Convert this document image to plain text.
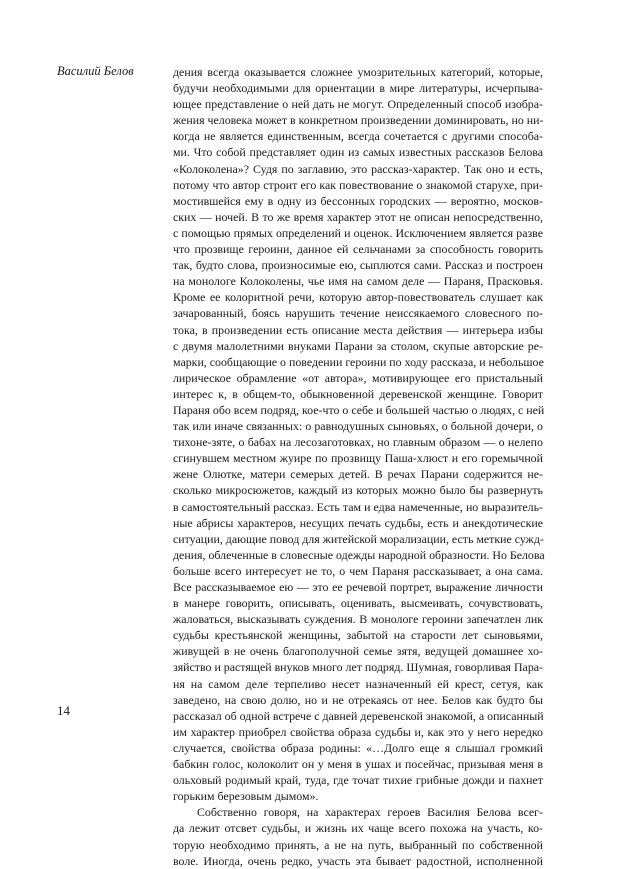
Василий Белов	дения всегда оказывается сложнее умозрительных категорий, которые,
будучи необходимыми для ориентации в мире литературы, исчерпыва-
ющее представление о ней дать не могут. Определенный способ изобра-
жения человека может в конкретном произведении доминировать, но ни-
когда не является единственным, всегда сочетается с другими способа-
ми. Что собой представляет один из самых известных рассказов Белова
«Колоколена»? Судя по заглавию, это рассказ-характер. Так оно и есть,
потому что автор строит его как повествование о знакомой старухе, при-
мостившейся ему в одну из бессонных городских — вероятно, москов-
ских — ночей. В то же время характер этот не описан непосредственно,
с помощью прямых определений и оценок. Исключением является разве
что прозвище героини, данное ей сельчанами за способность говорить
так, будто слова, произносимые ею, сыплются сами. Рассказ и построен
на монологе Колоколены, чье имя на самом деле — Параня, Прасковья.
Кроме ее колоритной речи, которую автор-повествователь слушает как
зачарованный, боясь нарушить течение неиссякаемого словесного по-
тока, в произведении есть описание места действия — интерьера избы
с двумя малолетними внуками Парани за столом, скупые авторские ре-
марки, сообщающие о поведении героини по ходу рассказа, и небольшое
лирическое обрамление «от автора», мотивирующее его пристальный
интерес к, в общем-то, обыкновенной деревенской женщине. Говорит
Параня обо всем подряд, кое-что о себе и большей частью о людях, с ней
так или иначе связанных: о равнодушных сыновьях, о больной дочери, о
тихоне-зяте, о бабах на лесозаготовках, но главным образом — о нелепо
сгинувшем местном жуире по прозвищу Паша-хлюст и его горемычной
жене Олютке, матери семерых детей. В речах Парани содержится не-
сколько микросюжетов, каждый из которых можно было бы развернуть
в самостоятельный рассказ. Есть там и едва намеченные, но выразитель-
ные абрисы характеров, несущих печать судьбы, есть и анекдотические
ситуации, дающие повод для житейской морализации, есть меткие сужд-
дения, облеченные в словесные одежды народной образности. Но Белова
больше всего интересует не то, о чем Параня рассказывает, а она сама.
Все рассказываемое ею — это ее речевой портрет, выражение личности
в манере говорить, описывать, оценивать, высмеивать, сочувствовать,
жаловаться, высказывать суждения. В монологе героини запечатлен лик
судьбы крестьянской женщины, забытой на старости лет сыновьями,
живущей в не очень благополучной семье зятя, ведущей домашнее хо-
зяйство и растящей внуков много лет подряд. Шумная, говорливая Пара-
ня на самом деле терпеливо несет назначенный ей крест, сетуя, как
заведено, на свою долю, но и не отрекаясь от нее. Белов как будто бы
рассказал об одной встрече с давней деревенской знакомой, а описанный
им характер приобрел свойства образа судьбы и, как это у него нередко
случается, свойства образа родины: «…Долго еще я слышал громкий
бабкин голос, колоколит он у меня в ушах и посейчас, призывая меня в
ольховый родимый край, туда, где точат тихие грибные дожди и пахнет
горьким березовым дымом».

Собственно говоря, на характерах героев Василия Белова всег-
да лежит отсвет судьбы, и жизнь их чаще всего похожа на участь, ко-
торую необходимо принять, а не на путь, выбранный по собственной
воле. Иногда, очень редко, участь эта бывает радостной, исполненной

14
